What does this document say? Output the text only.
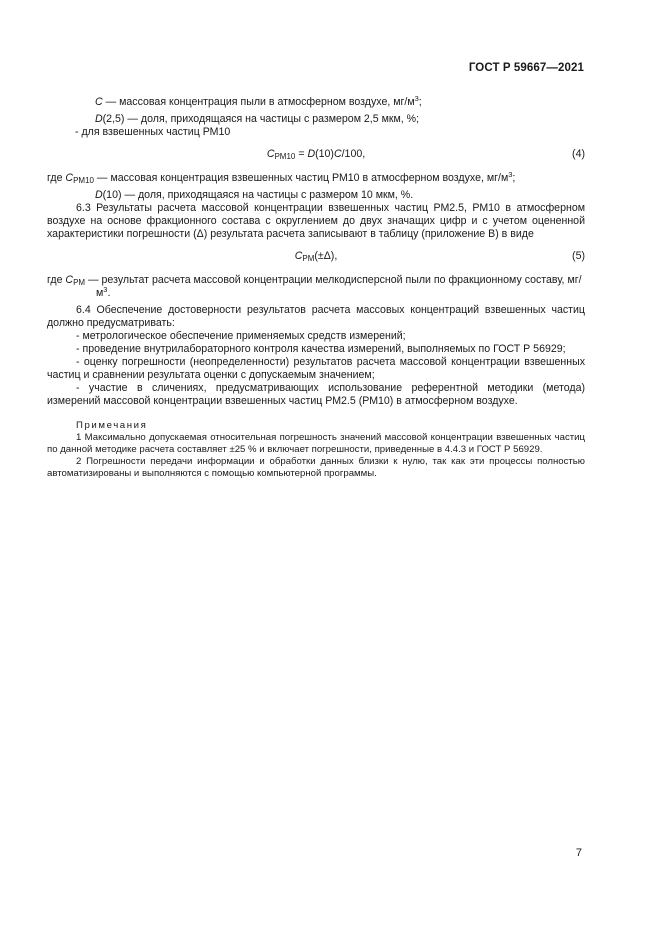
ГОСТ Р 59667—2021

C — массовая концентрация пыли в атмосферном воздухе, $мг/м^3$;

D(2,5) — доля, приходящаяся на частицы с размером 2,5 мкм, %;

- для взвешенных частиц РМ10

$C_{PM10} = D(10)C/100$,	(4)

где $C_{PM10}$ — массовая концентрация взвешенных частиц РМ10 в атмосферном воздухе, $мг/м^3$;

D(10) — доля, приходящаяся на частицы с размером 10 мкм, %.

6.3 Результаты расчета массовой концентрации взвешенных частиц РМ2.5, РМ10 в атмосферном воздухе на основе фракционного состава с округлением до двух значащих цифр и с учетом оцененной характеристики погрешности (Δ) результата расчета записывают в таблицу (приложение В) в виде

$C_{PM}(\pm\Delta)$,	(5)

где $C_{PM}$ — результат расчета массовой концентрации мелкодисперсной пыли по фракционному составу, $мг/м^3$.

6.4 Обеспечение достоверности результатов расчета массовых концентраций взвешенных частиц должно предусматривать:

- метрологическое обеспечение применяемых средств измерений;

- проведение внутрилабораторного контроля качества измерений, выполняемых по ГОСТ Р 56929;

- оценку погрешности (неопределенности) результатов расчета массовой концентрации взвешенных частиц и сравнении результата оценки с допускаемым значением;

- участие в сличениях, предусматривающих использование референтной методики (метода) измерений массовой концентрации взвешенных частиц РМ2.5 (РМ10) в атмосферном воздухе.

Примечания

1 Максимально допускаемая относительная погрешность значений массовой концентрации взвешенных частиц по данной методике расчета составляет ±25 % и включает погрешности, приведенные в 4.4.3 и ГОСТ Р 56929.

2 Погрешности передачи информации и обработки данных близки к нулю, так как эти процессы полностью автоматизированы и выполняются с помощью компьютерной программы.

7
